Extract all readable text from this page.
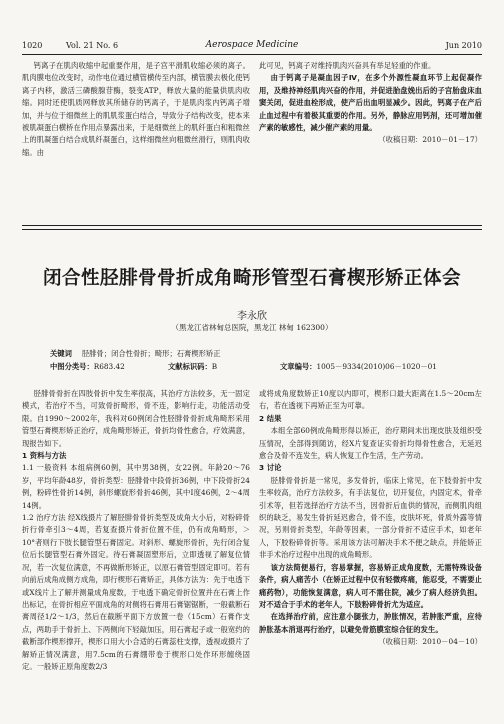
1020	Vol. 21 No. 6	Aerospace Medicine	Jun 2010

钙离子在肌肉收缩中起重要作用，是子宫平滑肌收缩必须的离子。肌肉膜电位改变时，动作电位通过横管横传至内部，横管膜去极化使钙离子内移，激活三磷酸腺苷酶，裂变ATP，释放大量的能量供肌肉收缩。同时还使肌质网释放其所储存的钙离子，于是肌肉浆内钙离子增加，并与位于细微丝上的肌肌浆蛋白结合，导致分子结构改变，使本来被肌凝蛋白横桥在作用点暴露出来，于是细微丝上的肌纤蛋白和粗微丝上的肌凝蛋白结合成肌纤凝蛋白，这样细微丝向粗微丝滑行，则肌肉收缩。由

此可见，钙离子对维持肌肉兴奋具有举足轻重的作重。

由于钙离子是凝血因子Ⅳ，在多个外源性凝血环节上起促凝作用，及维持神经肌肉兴奋的作用，并促进胎盘娩出后的子宫胎盘床血窦关闭，促进血栓形成，使产后出血明显减少。因此，钙离子在产后止血过程中有着极其重要的作用。另外，静脉应用钙剂，还可增加催产素的敏感性，减少催产素的用量。

（收稿日期：2010－01－17）
闭合性胫腓骨骨折成角畸形管型石膏楔形矫正体会
李永欣
（黑龙江省林甸总医院，黑龙江 林甸 162300）
关键词 胫腓骨；闭合性骨折；畸形；石膏楔形矫正
中图分类号：R683.42	文献标识码：B	文章编号：1005－9334(2010)06－1020－01

胫腓骨骨折在四肢骨折中发生率很高，其治疗方法较多，无一固定模式，若治疗不当，可致骨折畸形，骨不连，影响行走，功能活动受限。自1990～2002年，我科对60例闭合性胫腓骨骨折成角畸形采用管型石膏楔形矫正治疗，成角畸形矫正，骨折均骨性愈合，疗效满意，现报告如下。

1 资料与方法

1.1 一般资料 本组病例60例，其中男38例，女22例。年龄20～76岁，平均年龄48岁，骨折类型：胫腓骨中段骨折36例，中下段骨折24例，粉碎性骨折14例，斜形螺旋形骨折46例，其中I度46例，2～4周14例。

1.2 治疗方法 经X线摄片了解胫腓骨骨折类型及成角大小后，对粉碎骨折行骨牵引3～4周，若复查摄片骨折位置不佳，仍有成角畸形，＞10°者则行下肢长腿管型石膏固定。对斜形、螺旋形骨折，先行闭合复位后长腿管型石膏外固定。待石膏凝固塑形后，立即透视了解复位情况，若一次复位满意，不再做断形矫正，以原石膏管型固定即可。若有向前后成角成侧方成角，即行楔形石膏矫正，具体方法为：先于电透下或X线片上了解并测量成角度数，于电透下确定骨折位置并在石膏上作出标记，在骨折相应平面成角的对侧将石膏用石膏锯锯断，一般截断石膏周径1/2～1/3，然后在截断平面下方放置一卷（15cm）石膏作支点，两助手于骨折上、下两侧向下轻敲加压，用石膏起子或一般宽约的截断部作楔形撑开，楔形口用大小合适的石膏蕊柱支撑，透视或摄片了解矫正情况满意，用7.5cm的石膏绷带卷于楔形口处作环形缠绕固定。一般矫正原角度数2/3

或将成角度数矫正10度以内即可，楔形口最大距离在1.5～20cm左右，若在透视下再矫正至为可靠。

2 结果

本组全部60例成角畸形得以矫正，治疗期间未出现皮肤及组织受压情况，全部得到随访，经X片复查证实骨折均得骨性愈合，无延迟愈合及骨不连发生，病人恢复工作生活，生产劳动。

3 讨论

胫腓骨骨折是一常见，多发骨折，临床上常见，在下肢骨折中发生率较高，治疗方法较多，有手法复位，切开复位，内固定术，骨牵引术等，但若选择治疗方法不当，因骨折后血供的情况，而侧肌肉组织的缺乏，易发生骨折延迟愈合，骨不连，皮肤坏死，骨质外露等情况，另则骨折类型，年龄等因素，一部分骨折不适应手术，如老年人，下胶粉碎骨折等。采用该方法可解决手术不便之缺点，并能矫正非手术治疗过程中出现的成角畸形。

该方法简便易行，容易掌握，容易矫正成角度数，无需特殊设备条件，病人痛苦小（在矫正过程中仅有轻微疼痛，能忍受，不需要止痛药物），功能恢复满意，病人可不需住院，减少了病人经济负担。对不适合于手术的老年人，下肢粉碎骨折尤为适应。

在选择治疗前，应注意小腿张力，肿胀情况，若肿胀严重，应待肿胀基本消退再行治疗，以避免骨筋膜室综合征的发生。

（收稿日期：2010－04－10）
